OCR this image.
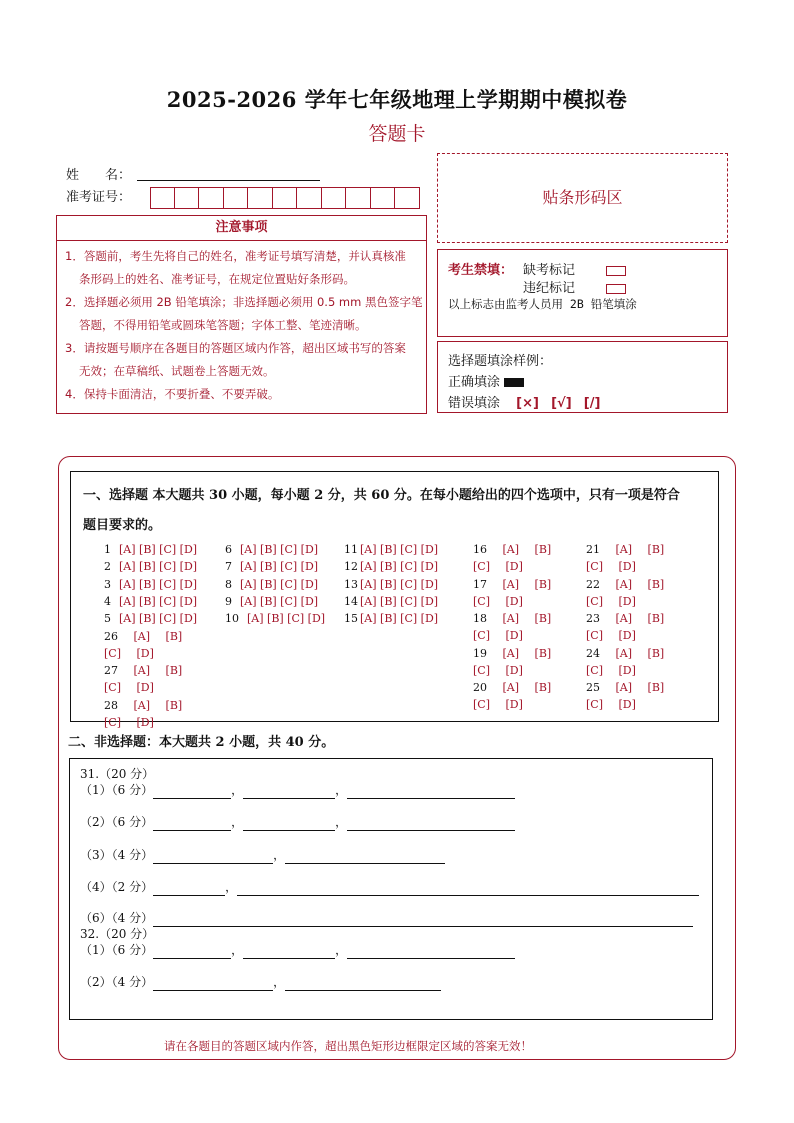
2025-2026 学年七年级地理上学期期中模拟卷
答题卡
姓　　名：
准考证号：	贴条形码区
注意事项
1．答题前，考生先将自己的姓名，准考证号填写清楚，并认真核准
条形码上的姓名、准考证号，在规定位置贴好条形码。
2．选择题必须用 2B 铅笔填涂；非选择题必须用 0.5 mm 黑色签字笔
答题，不得用铅笔或圆珠笔答题；字体工整、笔迹清晰。
3．请按题号顺序在各题目的答题区域内作答，超出区域书写的答案
无效；在草稿纸、试题卷上答题无效。
4．保持卡面清洁，不要折叠、不要弄破。
考生禁填： 缺考标记
违纪标记
以上标志由监考人员用 2B 铅笔填涂
选择题填涂样例：
正确填涂
错误填涂 [×] [√] [/]
一、选择题 本大题共 30 小题，每小题 2 分，共 60 分。在每小题给出的四个选项中，只有一项是符合
题目要求的。
1 [A] [B] [C] [D]
2 [A] [B] [C] [D]
3 [A] [B] [C] [D]
4 [A] [B] [C] [D]
5 [A] [B] [C] [D]
6 [A] [B] [C] [D]
7 [A] [B] [C] [D]
8 [A] [B] [C] [D]
9 [A] [B] [C] [D]
10 [A] [B] [C] [D]
11 [A] [B] [C] [D]
12 [A] [B] [C] [D]
13 [A] [B] [C] [D]
14 [A] [B] [C] [D]
15 [A] [B] [C] [D]
26 [A] [B] [C] [D]
27 [A] [B] [C] [D]
28 [A] [B] [C] [D]
16 [A] [B] [C] [D]
17 [A] [B] [C] [D]
18 [A] [B] [C] [D]
19 [A] [B] [C] [D]
20 [A] [B] [C] [D]
21 [A] [B] [C] [D]
22 [A] [B] [C] [D]
23 [A] [B] [C] [D]
24 [A] [B] [C] [D]
25 [A] [B] [C] [D]
二、非选择题：本大题共 2 小题，共 40 分。
31.（20 分）
（1）（6 分）	，	，
（2）（6 分）	，	，
（3）（4 分）	，
（4）（2 分）	，
（6）（4 分）
32.（20 分）
（1）（6 分）	，	，
（2）（4 分）	，
请在各题目的答题区域内作答，超出黑色矩形边框限定区域的答案无效！
